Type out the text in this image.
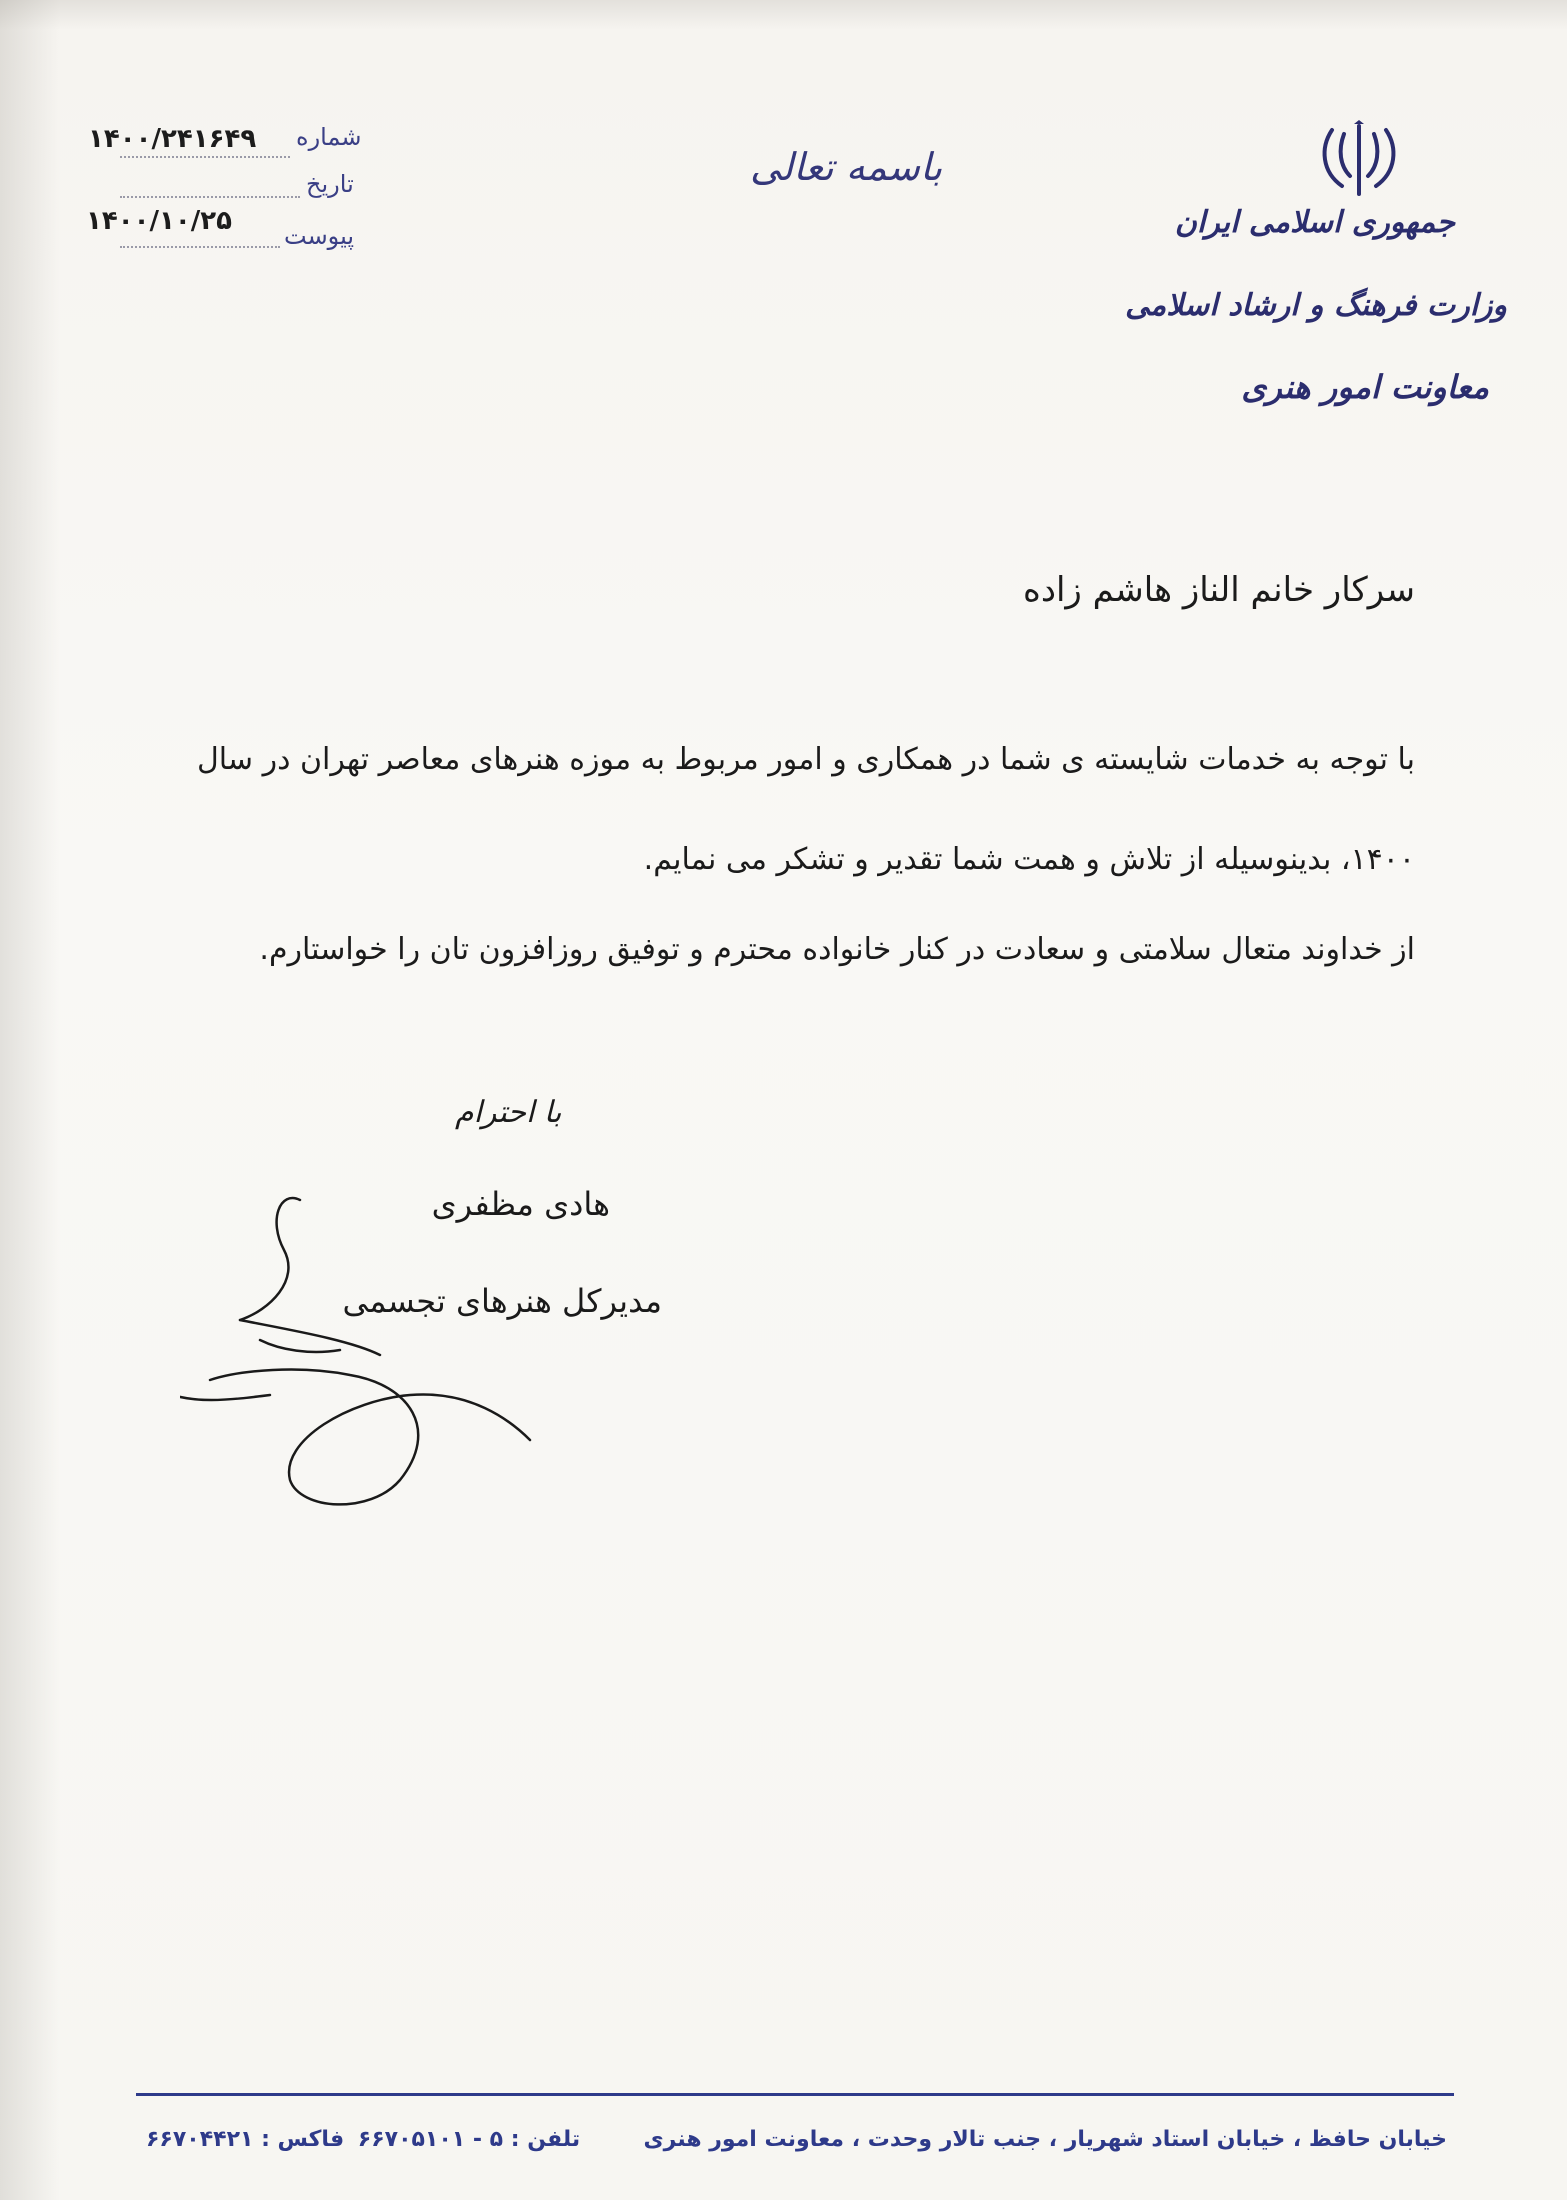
جمهوری اسلامی ایران
وزارت فرهنگ و ارشاد اسلامی
معاونت امور هنری
باسمه تعالی
شماره
۱۴۰۰/۲۴۱۶۴۹
تاریخ
پیوست
۱۴۰۰/۱۰/۲۵
سرکار خانم الناز هاشم زاده
با توجه به خدمات شایسته ی شما در همکاری و امور مربوط به موزه هنرهای معاصر تهران در سال
۱۴۰۰، بدینوسیله از تلاش و همت شما تقدیر و تشکر می نمایم.
از خداوند متعال سلامتی و سعادت در کنار خانواده محترم و توفیق روزافزون تان را خواستارم.
با احترام
هادی مظفری
مدیرکل هنرهای تجسمی
خیابان حافظ ، خیابان استاد شهریار ، جنب تالار وحدت ، معاونت امور هنری
تلفن : ۵ - ۶۶۷۰۵۱۰۱ فاکس : ۶۶۷۰۴۴۲۱
